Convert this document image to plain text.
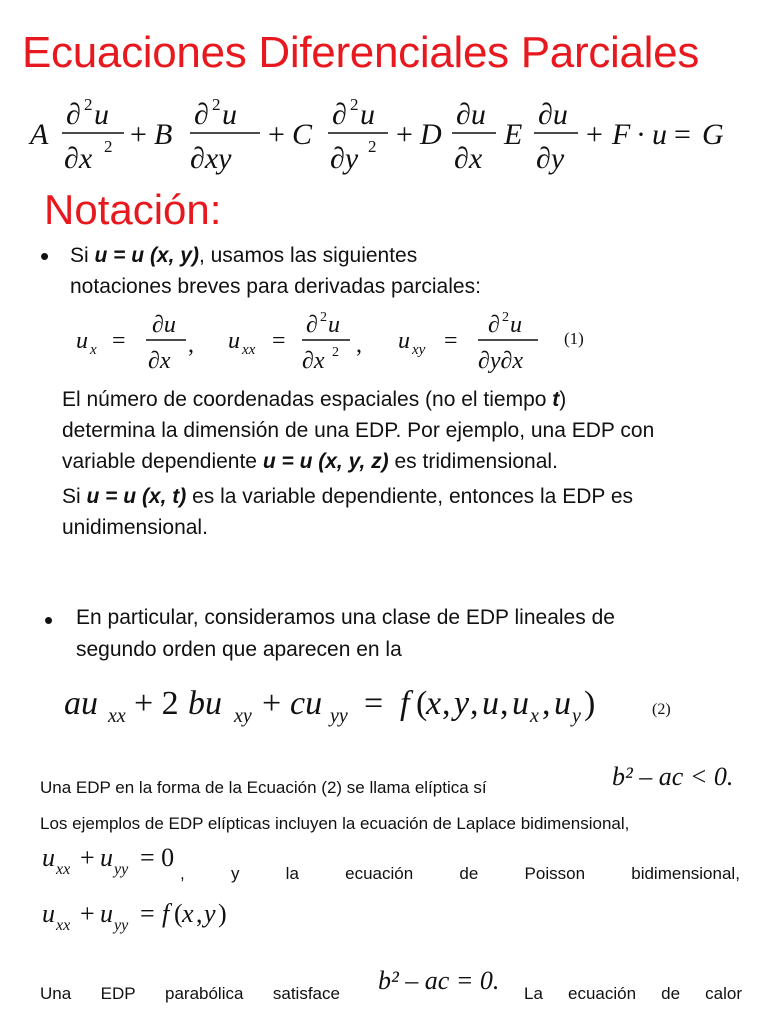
Ecuaciones Diferenciales Parciales
A
∂ 2 u
∂x 2 + B
∂ 2 u
∂xy
+ C
∂ 2 u
∂y 2 + D
∂u
∂x
E
∂u
∂y
+ F · u = G
Notación:
• Si u = u (x, y), usamos las siguientes
notaciones breves para derivadas parciales:
u x =
∂u
∂x
, u xx =
∂ 2 u
∂x 2 , u xy =
∂ 2 u
∂y∂x
(1)
El número de coordenadas espaciales (no el tiempo t)
determina la dimensión de una EDP. Por ejemplo, una EDP con
variable dependiente u = u (x, y, z) es tridimensional.
Si u = u (x, t) es la variable dependiente, entonces la EDP es
unidimensional.
• En particular, consideramos una clase de EDP lineales de
segundo orden que aparecen en la
au xx + 2 bu xy + cu yy = f (
x , y , u , u x , u y )	(2)
Una EDP en la forma de la Ecuación (2) se llama elíptica sí	b² – ac < 0.
Los ejemplos de EDP elípticas incluyen la ecuación de Laplace bidimensional,
u xx + u yy = 0
,	y	la	ecuación	de	Poisson	bidimensional,
u xx + u yy = f ( x , y )
Una EDP parabólica satisface b² – ac = 0. La ecuación de calor
